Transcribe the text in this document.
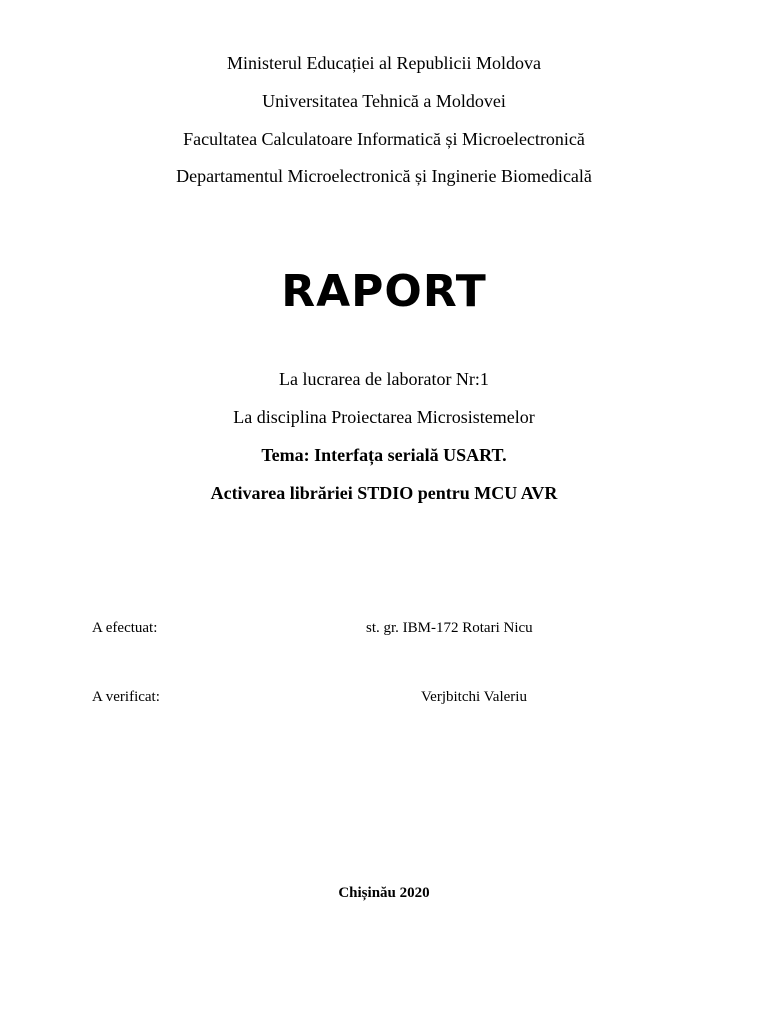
Ministerul Educației al Republicii Moldova
Universitatea Tehnică a Moldovei
Facultatea Calculatoare Informatică și Microelectronică
Departamentul Microelectronică și Inginerie Biomedicală
RAPORT
La lucrarea de laborator Nr:1
La disciplina Proiectarea Microsistemelor
Tema: Interfața serială USART.
Activarea librăriei STDIO pentru MCU AVR
A efectuat:	st. gr. IBM-172 Rotari Nicu
A verificat:	Verjbitchi Valeriu
Chișinău 2020
